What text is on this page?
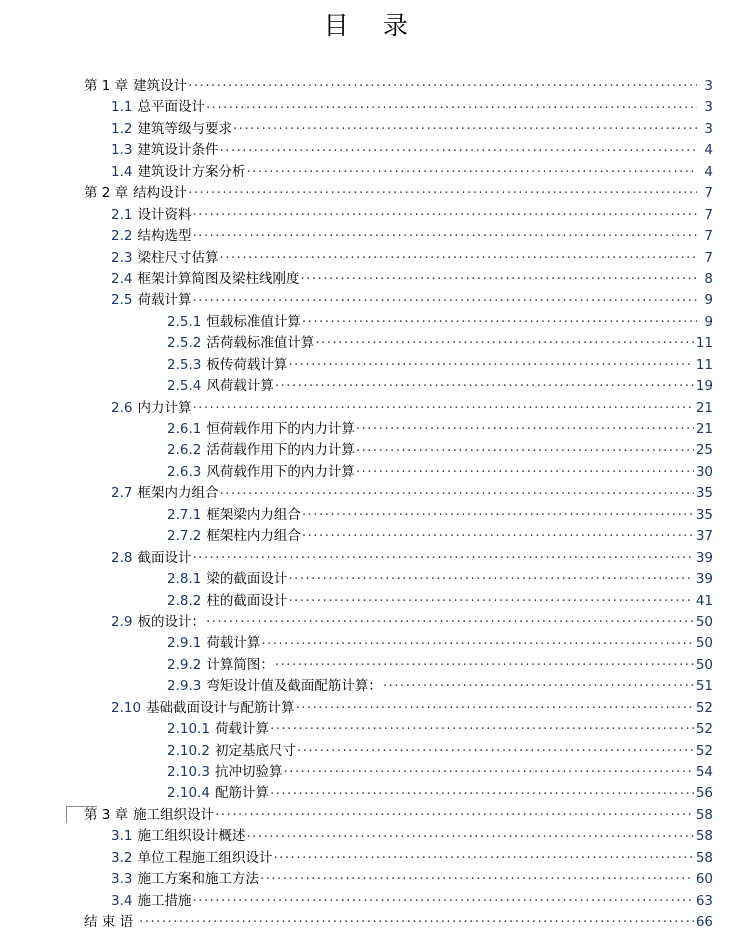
目    录
第 1 章 建筑设计 .....	3
1.1 总平面设计 .....	3
1.2 建筑等级与要求 .....	3
1.3 建筑设计条件 .....	4
1.4 建筑设计方案分析 .....	4
第 2 章 结构设计 .....	7
2.1 设计资料 .....	7
2.2 结构选型 .....	7
2.3 梁柱尺寸估算 .....	7
2.4 框架计算简图及梁柱线刚度 .....	8
2.5 荷载计算 .....	9
2.5.1 恒载标准值计算 .....	9
2.5.2 活荷载标准值计算 .....	11
2.5.3 板传荷载计算 .....	11
2.5.4 风荷载计算 .....	19
2.6 内力计算 .....	21
2.6.1 恒荷载作用下的内力计算 .....	21
2.6.2 活荷载作用下的内力计算 .....	25
2.6.3 风荷载作用下的内力计算 .....	30
2.7 框架内力组合 .....	35
2.7.1 框架梁内力组合 .....	35
2.7.2 框架柱内力组合 .....	37
2.8 截面设计 .....	39
2.8.1 梁的截面设计 .....	39
2.8.2 柱的截面设计 .....	41
2.9 板的设计： .....	50
2.9.1 荷载计算 .....	50
2.9.2 计算简图： .....	50
2.9.3 弯矩设计值及截面配筋计算： .....	51
2.10 基础截面设计与配筋计算 .....	52
2.10.1 荷载计算 .....	52
2.10.2 初定基底尺寸 .....	52
2.10.3 抗冲切验算 .....	54
2.10.4 配筋计算 .....	56
第 3 章 施工组织设计 .....	58
3.1 施工组织设计概述 .....	58
3.2 单位工程施工组织设计 .....	58
3.3 施工方案和施工方法 .....	60
3.4 施工措施 .....	63
结 束 语 .....	66
